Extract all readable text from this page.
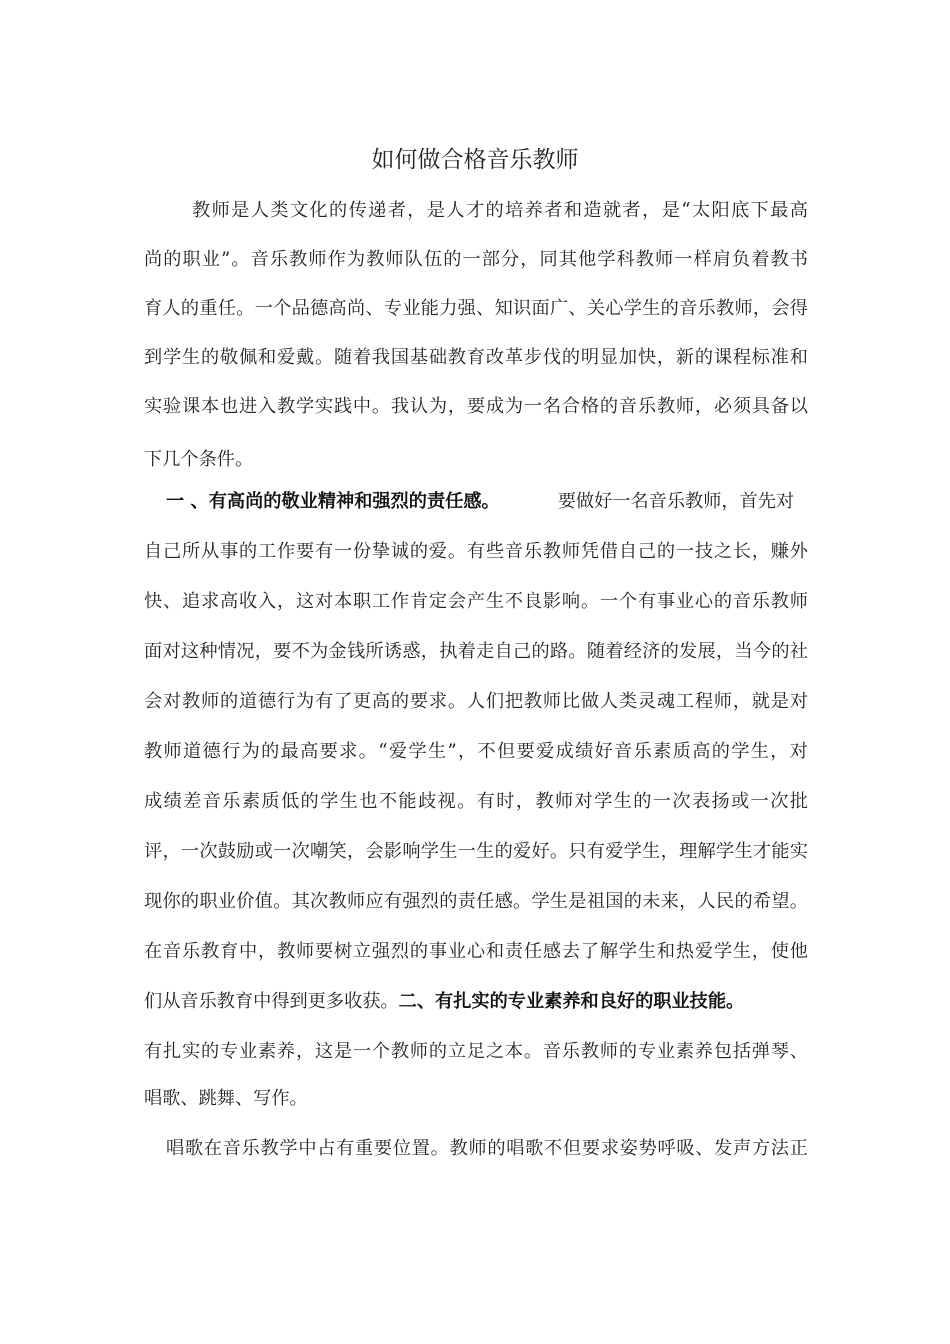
如何做合格音乐教师
教师是人类文化的传递者，是人才的培养者和造就者，是“太阳底下最高
尚的职业”。音乐教师作为教师队伍的一部分，同其他学科教师一样肩负着教书
育人的重任。一个品德高尚、专业能力强、知识面广、关心学生的音乐教师，会得
到学生的敬佩和爱戴。随着我国基础教育改革步伐的明显加快，新的课程标准和
实验课本也进入教学实践中。我认为，要成为一名合格的音乐教师，必须具备以
下几个条件。
一 、有高尚的敬业精神和强烈的责任感。	要做好一名音乐教师，首先对
自己所从事的工作要有一份挚诚的爱。有些音乐教师凭借自己的一技之长，赚外
快、追求高收入，这对本职工作肯定会产生不良影响。一个有事业心的音乐教师
面对这种情况，要不为金钱所诱惑，执着走自己的路。随着经济的发展，当今的社
会对教师的道德行为有了更高的要求。人们把教师比做人类灵魂工程师，就是对
教师道德行为的最高要求。“爱学生”，不但要爱成绩好音乐素质高的学生，对
成绩差音乐素质低的学生也不能歧视。有时，教师对学生的一次表扬或一次批
评，一次鼓励或一次嘲笑，会影响学生一生的爱好。只有爱学生，理解学生才能实
现你的职业价值。其次教师应有强烈的责任感。学生是祖国的未来，人民的希望。
在音乐教育中，教师要树立强烈的事业心和责任感去了解学生和热爱学生，使他
们从音乐教育中得到更多收获。二、有扎实的专业素养和良好的职业技能。
有扎实的专业素养，这是一个教师的立足之本。音乐教师的专业素养包括弹琴、
唱歌、跳舞、写作。
唱歌在音乐教学中占有重要位置。教师的唱歌不但要求姿势呼吸、发声方法正
